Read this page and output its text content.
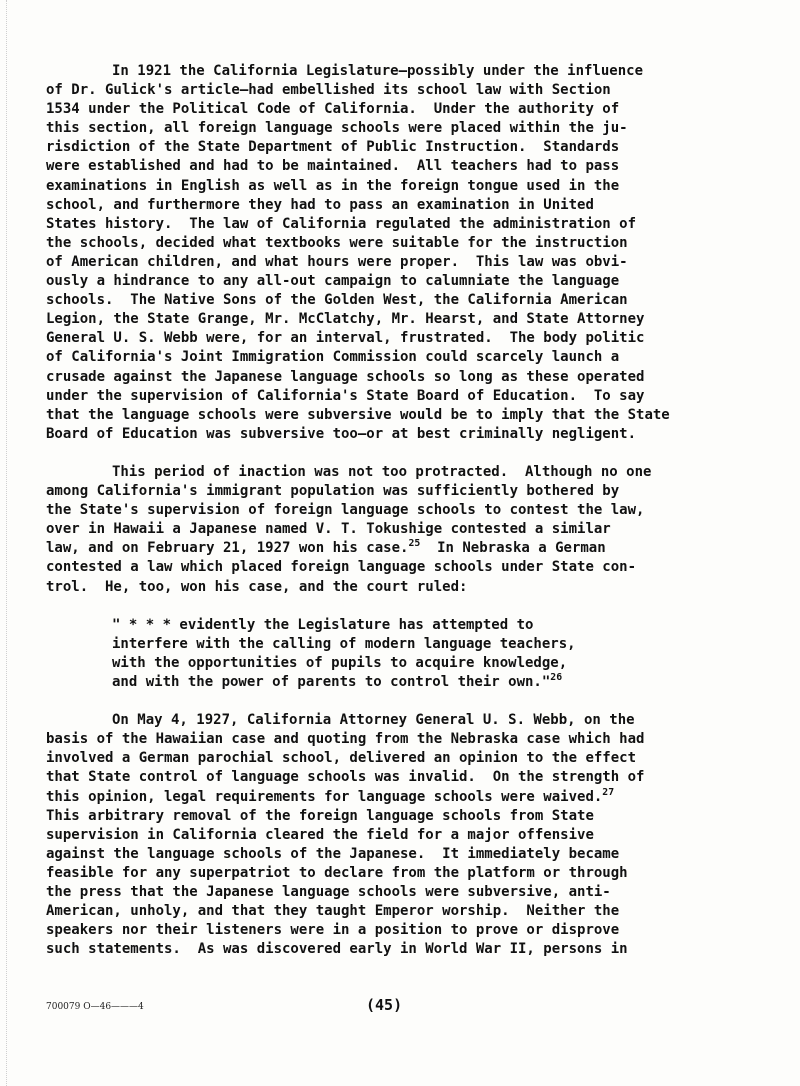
In 1921 the California Legislature—possibly under the influence
of Dr. Gulick's article—had embellished its school law with Section
1534 under the Political Code of California.  Under the authority of
this section, all foreign language schools were placed within the ju-
risdiction of the State Department of Public Instruction.  Standards
were established and had to be maintained.  All teachers had to pass
examinations in English as well as in the foreign tongue used in the
school, and furthermore they had to pass an examination in United
States history.  The law of California regulated the administration of
the schools, decided what textbooks were suitable for the instruction
of American children, and what hours were proper.  This law was obvi-
ously a hindrance to any all-out campaign to calumniate the language
schools.  The Native Sons of the Golden West, the California American
Legion, the State Grange, Mr. McClatchy, Mr. Hearst, and State Attorney
General U. S. Webb were, for an interval, frustrated.  The body politic
of California's Joint Immigration Commission could scarcely launch a
crusade against the Japanese language schools so long as these operated
under the supervision of California's State Board of Education.  To say
that the language schools were subversive would be to imply that the State
Board of Education was subversive too—or at best criminally negligent.
This period of inaction was not too protracted.  Although no one
among California's immigrant population was sufficiently bothered by
the State's supervision of foreign language schools to contest the law,
over in Hawaii a Japanese named V. T. Tokushige contested a similar
law, and on February 21, 1927 won his case.$^{25}$  In Nebraska a German
contested a law which placed foreign language schools under State con-
trol.  He, too, won his case, and the court ruled:
" * * * evidently the Legislature has attempted to
interfere with the calling of modern language teachers,
with the opportunities of pupils to acquire knowledge,
and with the power of parents to control their own."$^{26}$
On May 4, 1927, California Attorney General U. S. Webb, on the
basis of the Hawaiian case and quoting from the Nebraska case which had
involved a German parochial school, delivered an opinion to the effect
that State control of language schools was invalid.  On the strength of
this opinion, legal requirements for language schools were waived.$^{27}$
This arbitrary removal of the foreign language schools from State
supervision in California cleared the field for a major offensive
against the language schools of the Japanese.  It immediately became
feasible for any superpatriot to declare from the platform or through
the press that the Japanese language schools were subversive, anti-
American, unholy, and that they taught Emperor worship.  Neither the
speakers nor their listeners were in a position to prove or disprove
such statements.  As was discovered early in World War II, persons in
700079 O—46———4	(45)
